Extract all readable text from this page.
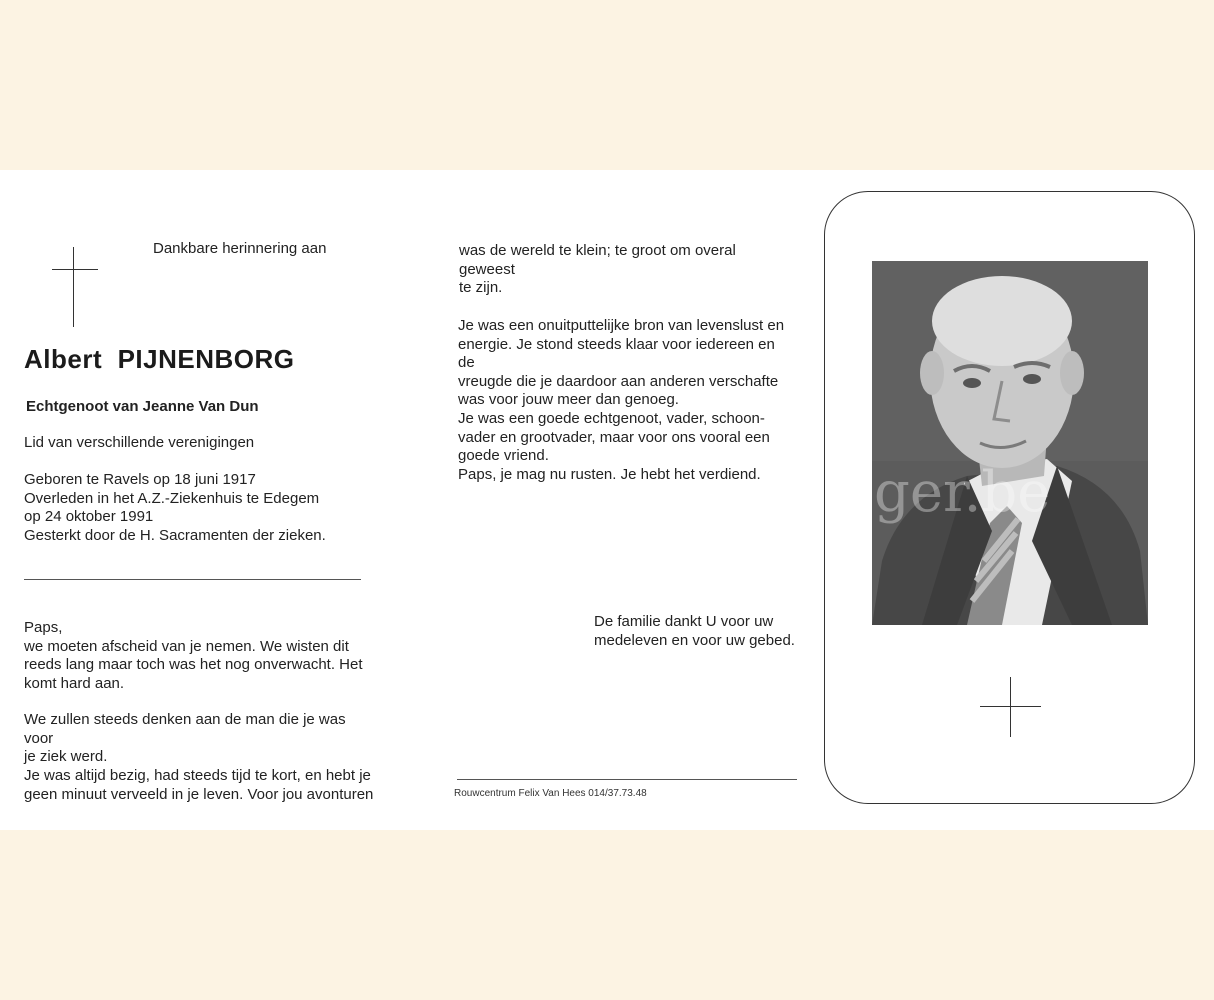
Dankbare herinnering aan
Albert PIJNENBORG
Echtgenoot van Jeanne Van Dun
Lid van verschillende verenigingen

Geboren te Ravels op 18 juni 1917

Overleden in het A.Z.-Ziekenhuis te Edegem

op 24 oktober 1991

Gesterkt door de H. Sacramenten der zieken.

Paps,

we moeten afscheid van je nemen. We wisten dit

reeds lang maar toch was het nog onverwacht. Het

komt hard aan.

We zullen steeds denken aan de man die je was voor

je ziek werd.

Je was altijd bezig, had steeds tijd te kort, en hebt je

geen minuut verveeld in je leven. Voor jou avonturen

was de wereld te klein; te groot om overal geweest

te zijn.

Je was een onuitputtelijke bron van levenslust en

energie. Je stond steeds klaar voor iedereen en de

vreugde die je daardoor aan anderen verschafte

was voor jouw meer dan genoeg.

Je was een goede echtgenoot, vader, schoon-

vader en grootvader, maar voor ons vooral een

goede vriend.

Paps, je mag nu rusten. Je hebt het verdiend.

De familie dankt U voor uw

medeleven en voor uw gebed.

Rouwcentrum Felix Van Hees 014/37.73.48
ger.be
